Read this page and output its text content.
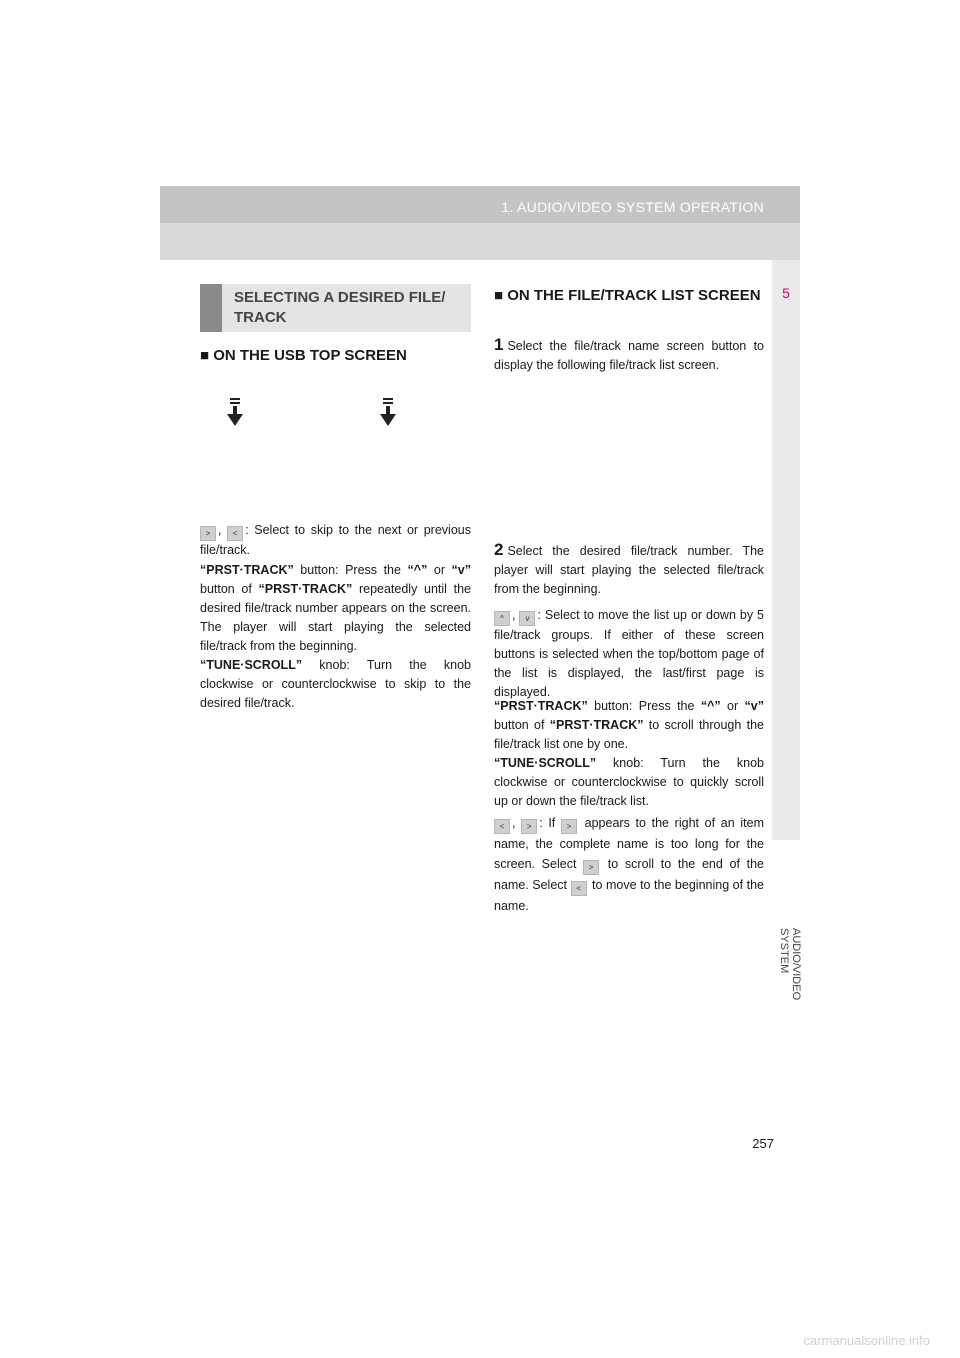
1. AUDIO/VIDEO SYSTEM OPERATION
5
AUDIO/VIDEO SYSTEM
SELECTING A DESIRED FILE/ TRACK
■ ON THE USB TOP SCREEN
> , < : Select to skip to the next or previous file/track.
“PRST·TRACK” button: Press the “^” or “v” button of “PRST·TRACK” repeatedly until the desired file/track number appears on the screen. The player will start playing the selected file/track from the beginning.
“TUNE·SCROLL” knob: Turn the knob clockwise or counterclockwise to skip to the desired file/track.
■ ON THE FILE/TRACK LIST SCREEN
1 Select the file/track name screen button to display the following file/track list screen.
2 Select the desired file/track number. The player will start playing the selected file/track from the beginning.
^ , v : Select to move the list up or down by 5 file/track groups. If either of these screen buttons is selected when the top/bottom page of the list is displayed, the last/first page is displayed.
“PRST·TRACK” button: Press the “^” or “v” button of “PRST·TRACK” to scroll through the file/track list one by one.
“TUNE·SCROLL” knob: Turn the knob clockwise or counterclockwise to quickly scroll up or down the file/track list.
< , > : If > appears to the right of an item name, the complete name is too long for the screen. Select > to scroll to the end of the name. Select < to move to the beginning of the name.
257
carmanualsonline.info
